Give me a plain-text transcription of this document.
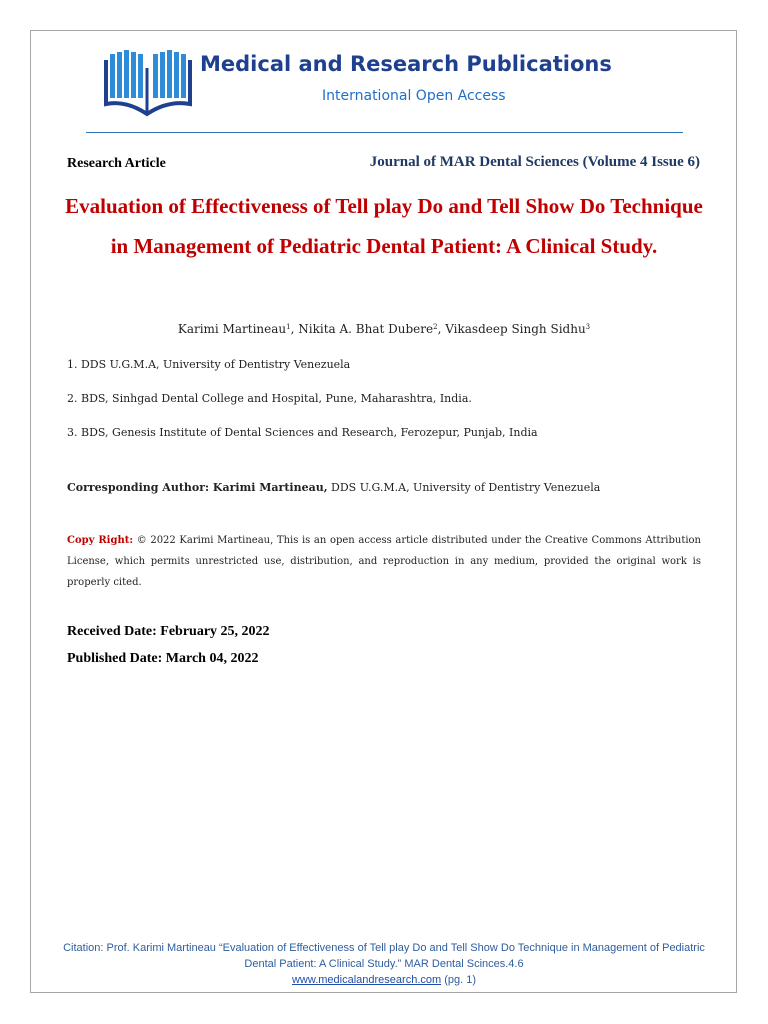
Medical and Research Publications
International Open Access
Research Article	Journal of MAR Dental Sciences (Volume 4 Issue 6)
Evaluation of Effectiveness of Tell play Do and Tell Show Do Technique in Management of Pediatric Dental Patient: A Clinical Study.
Karimi Martineau$^1$, Nikita A. Bhat Dubere$^2$, Vikasdeep Singh Sidhu$^3$
1. DDS U.G.M.A, University of Dentistry Venezuela
2. BDS, Sinhgad Dental College and Hospital, Pune, Maharashtra, India.
3. BDS, Genesis Institute of Dental Sciences and Research, Ferozepur, Punjab, India
Corresponding Author: Karimi Martineau, DDS U.G.M.A, University of Dentistry Venezuela

Copy Right: © 2022 Karimi Martineau, This is an open access article distributed under the Creative Commons Attribution License, which permits unrestricted use, distribution, and reproduction in any medium, provided the original work is properly cited.

Received Date: February 25, 2022
Published Date: March 04, 2022

Citation: Prof. Karimi Martineau “Evaluation of Effectiveness of Tell play Do and Tell Show Do Technique in Management of Pediatric Dental Patient: A Clinical Study.” MAR Dental Scinces.4.6
www.medicalandresearch.com (pg. 1)
